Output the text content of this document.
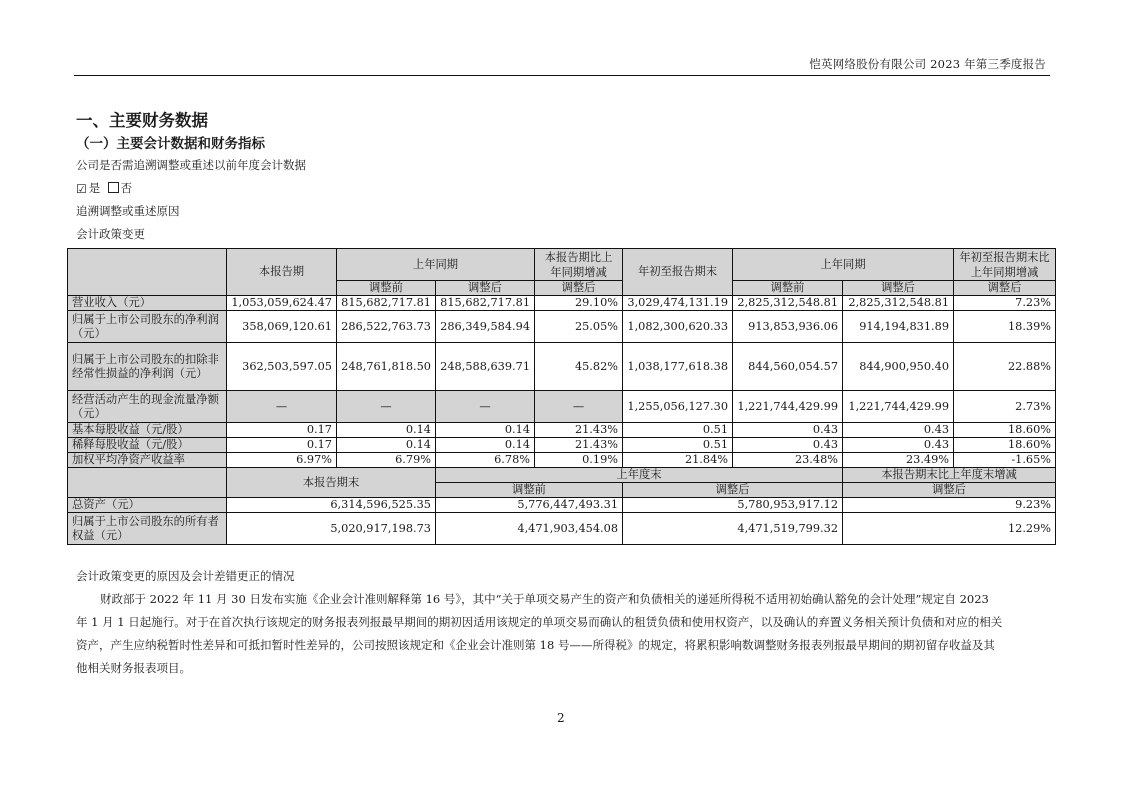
恺英网络股份有限公司 2023 年第三季度报告
一、主要财务数据
（一）主要会计数据和财务指标
公司是否需追溯调整或重述以前年度会计数据
☑ 是 否
追溯调整或重述原因
会计政策变更
	本报告期	上年同期		本报告期比上年同期增减	年初至报告期末	上年同期		年初至报告期末比上年同期增减
		调整前	调整后	调整后		调整前	调整后	调整后
营业收入（元）	1,053,059,624.47	815,682,717.81	815,682,717.81	29.10%	3,029,474,131.19	2,825,312,548.81	2,825,312,548.81	7.23%
归属于上市公司股东的净利润（元）	358,069,120.61	286,522,763.73	286,349,584.94	25.05%	1,082,300,620.33	913,853,936.06	914,194,831.89	18.39%
归属于上市公司股东的扣除非经常性损益的净利润（元）	362,503,597.05	248,761,818.50	248,588,639.71	45.82%	1,038,177,618.38	844,560,054.57	844,900,950.40	22.88%
经营活动产生的现金流量净额（元）	—	—	—	—	1,255,056,127.30	1,221,744,429.99	1,221,744,429.99	2.73%
基本每股收益（元/股）	0.17	0.14	0.14	21.43%	0.51	0.43	0.43	18.60%
稀释每股收益（元/股）	0.17	0.14	0.14	21.43%	0.51	0.43	0.43	18.60%
加权平均净资产收益率	6.97%	6.79%	6.78%	0.19%	21.84%	23.48%	23.49%	-1.65%
	本报告期末		上年度末				本报告期末比上年度末增减	
			调整前		调整后		调整后	
总资产（元）	6,314,596,525.35		5,776,447,493.31		5,780,953,917.12		9.23%	
归属于上市公司股东的所有者权益（元）	5,020,917,198.73		4,471,903,454.08		4,471,519,799.32		12.29%	
会计政策变更的原因及会计差错更正的情况
财政部于 2022 年 11 月 30 日发布实施《企业会计准则解释第 16 号》，其中“关于单项交易产生的资产和负债相关的递延所得税不适用初始确认豁免的会计处理”规定自 2023
年 1 月 1 日起施行。对于在首次执行该规定的财务报表列报最早期间的期初因适用该规定的单项交易而确认的租赁负债和使用权资产，以及确认的弃置义务相关预计负债和对应的相关
资产，产生应纳税暂时性差异和可抵扣暂时性差异的，公司按照该规定和《企业会计准则第 18 号——所得税》的规定，将累积影响数调整财务报表列报最早期间的期初留存收益及其
他相关财务报表项目。
2
